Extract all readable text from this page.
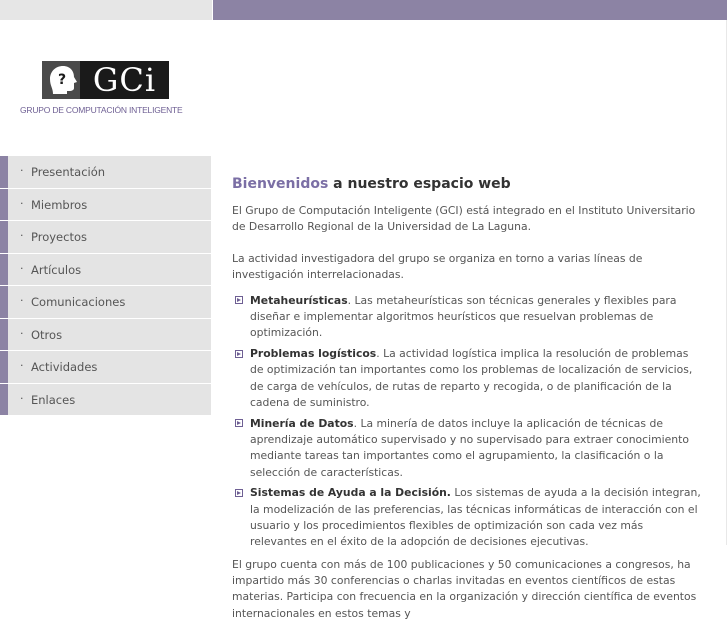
? GCi
GRUPO DE COMPUTACIÓN INTELIGENTE
· Presentación
· Miembros
· Proyectos
· Artículos
· Comunicaciones
· Otros
· Actividades
· Enlaces
Bienvenidos a nuestro espacio web

El Grupo de Computación Inteligente (GCI) está integrado en el Instituto Universitario de Desarrollo Regional de la Universidad de La Laguna.

La actividad investigadora del grupo se organiza en torno a varias líneas de investigación interrelacionadas.

Metaheurísticas. Las metaheurísticas son técnicas generales y flexibles para diseñar e implementar algoritmos heurísticos que resuelvan problemas de optimización.
Problemas logísticos. La actividad logística implica la resolución de problemas de optimización tan importantes como los problemas de localización de servicios, de carga de vehículos, de rutas de reparto y recogida, o de planificación de la cadena de suministro.
Minería de Datos. La minería de datos incluye la aplicación de técnicas de aprendizaje automático supervisado y no supervisado para extraer conocimiento mediante tareas tan importantes como el agrupamiento, la clasificación o la selección de características.
Sistemas de Ayuda a la Decisión. Los sistemas de ayuda a la decisión integran, la modelización de las preferencias, las técnicas informáticas de interacción con el usuario y los procedimientos flexibles de optimización son cada vez más relevantes en el éxito de la adopción de decisiones ejecutivas.

El grupo cuenta con más de 100 publicaciones y 50 comunicaciones a congresos, ha impartido más 30 conferencias o charlas invitadas en eventos científicos de estas materias. Participa con frecuencia en la organización y dirección científica de eventos internacionales en estos temas y
